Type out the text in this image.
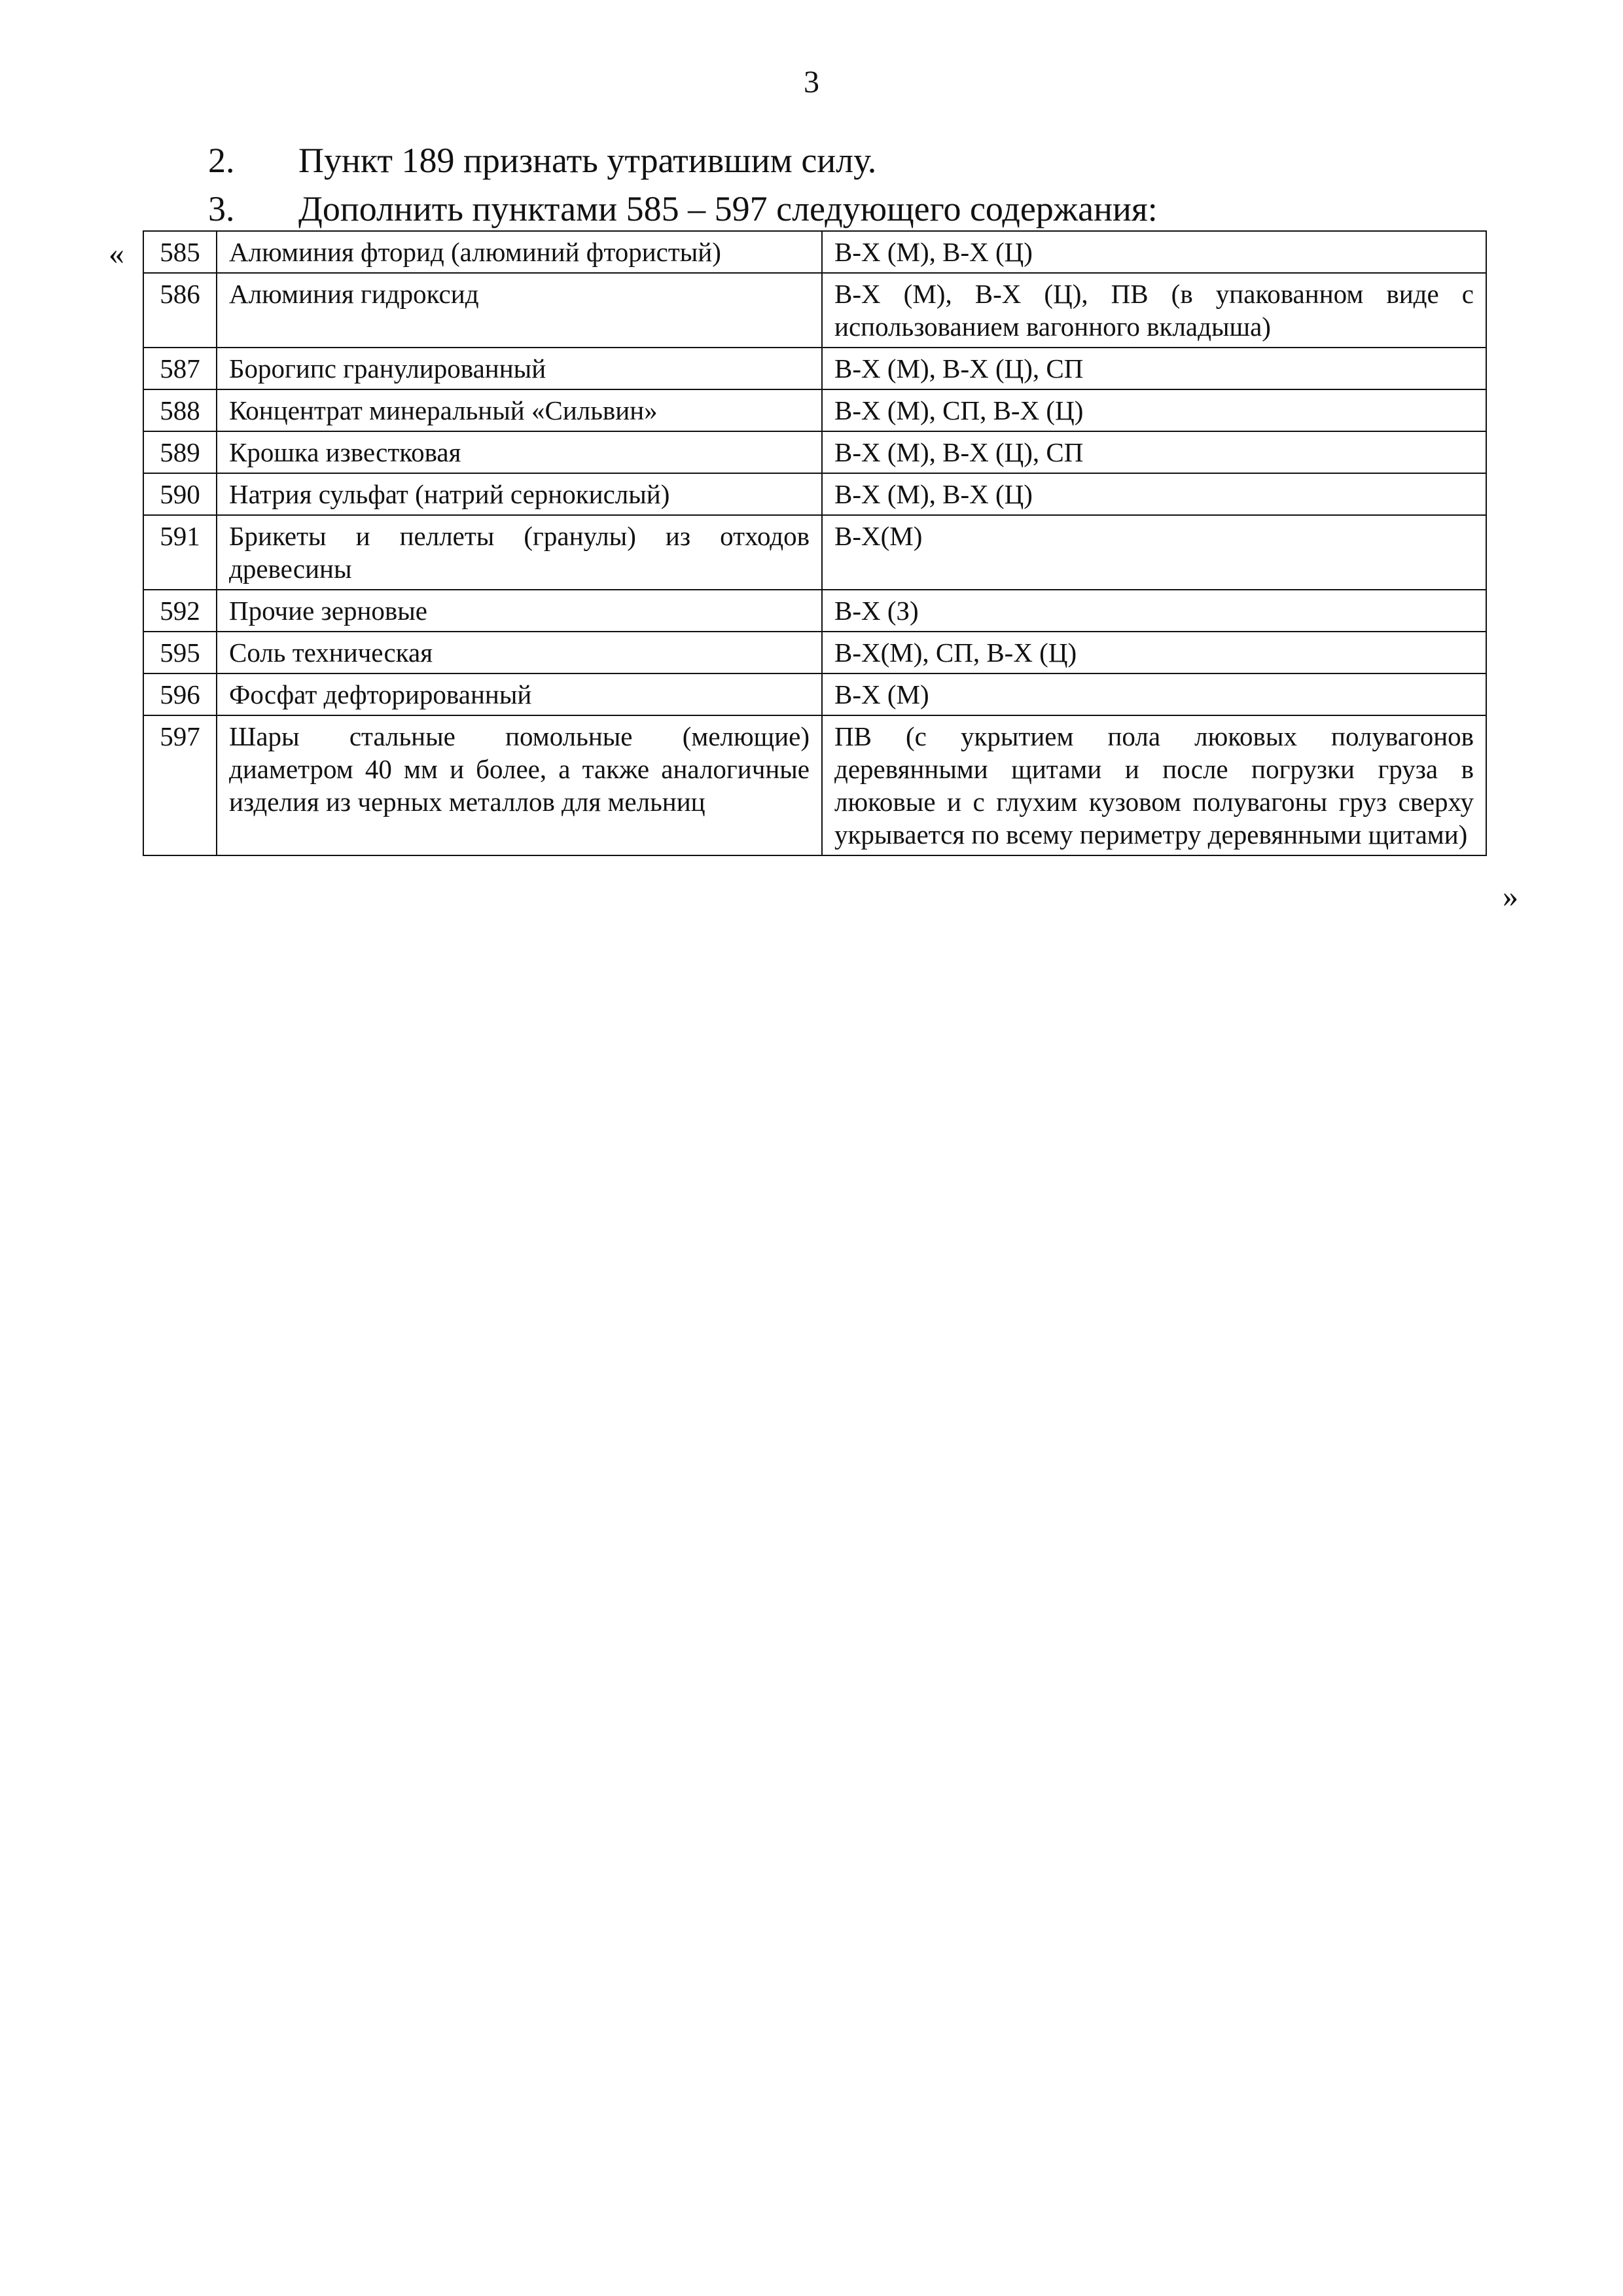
3
2. Пункт 189 признать утратившим силу.
3. Дополнить пунктами 585 – 597 следующего содержания:
« 585	Алюминия фторид (алюминий фтористый)	В-Х (М), В-Х (Ц)
586	Алюминия гидроксид	В-Х (М), В-Х (Ц), ПВ (в упакованном виде с использованием вагонного вкладыша)
587	Борогипс гранулированный	В-Х (М), В-Х (Ц), СП
588	Концентрат минеральный «Сильвин»	В-Х (М), СП, В-Х (Ц)
589	Крошка известковая	В-Х (М), В-Х (Ц), СП
590	Натрия сульфат (натрий сернокислый)	В-Х (М), В-Х (Ц)
591	Брикеты и пеллеты (гранулы) из отходов древесины	В-Х(М)
592	Прочие зерновые	В-Х (З)
595	Соль техническая	В-Х(М), СП, В-Х (Ц)
596	Фосфат дефторированный	В-Х (М)
597	Шары стальные помольные (мелющие) диаметром 40 мм и более, а также аналогичные изделия из черных металлов для мельниц	ПВ (с укрытием пола люковых полувагонов деревянными щитами и после погрузки груза в люковые и с глухим кузовом полувагоны груз сверху укрывается по всему периметру деревянными щитами)
»
